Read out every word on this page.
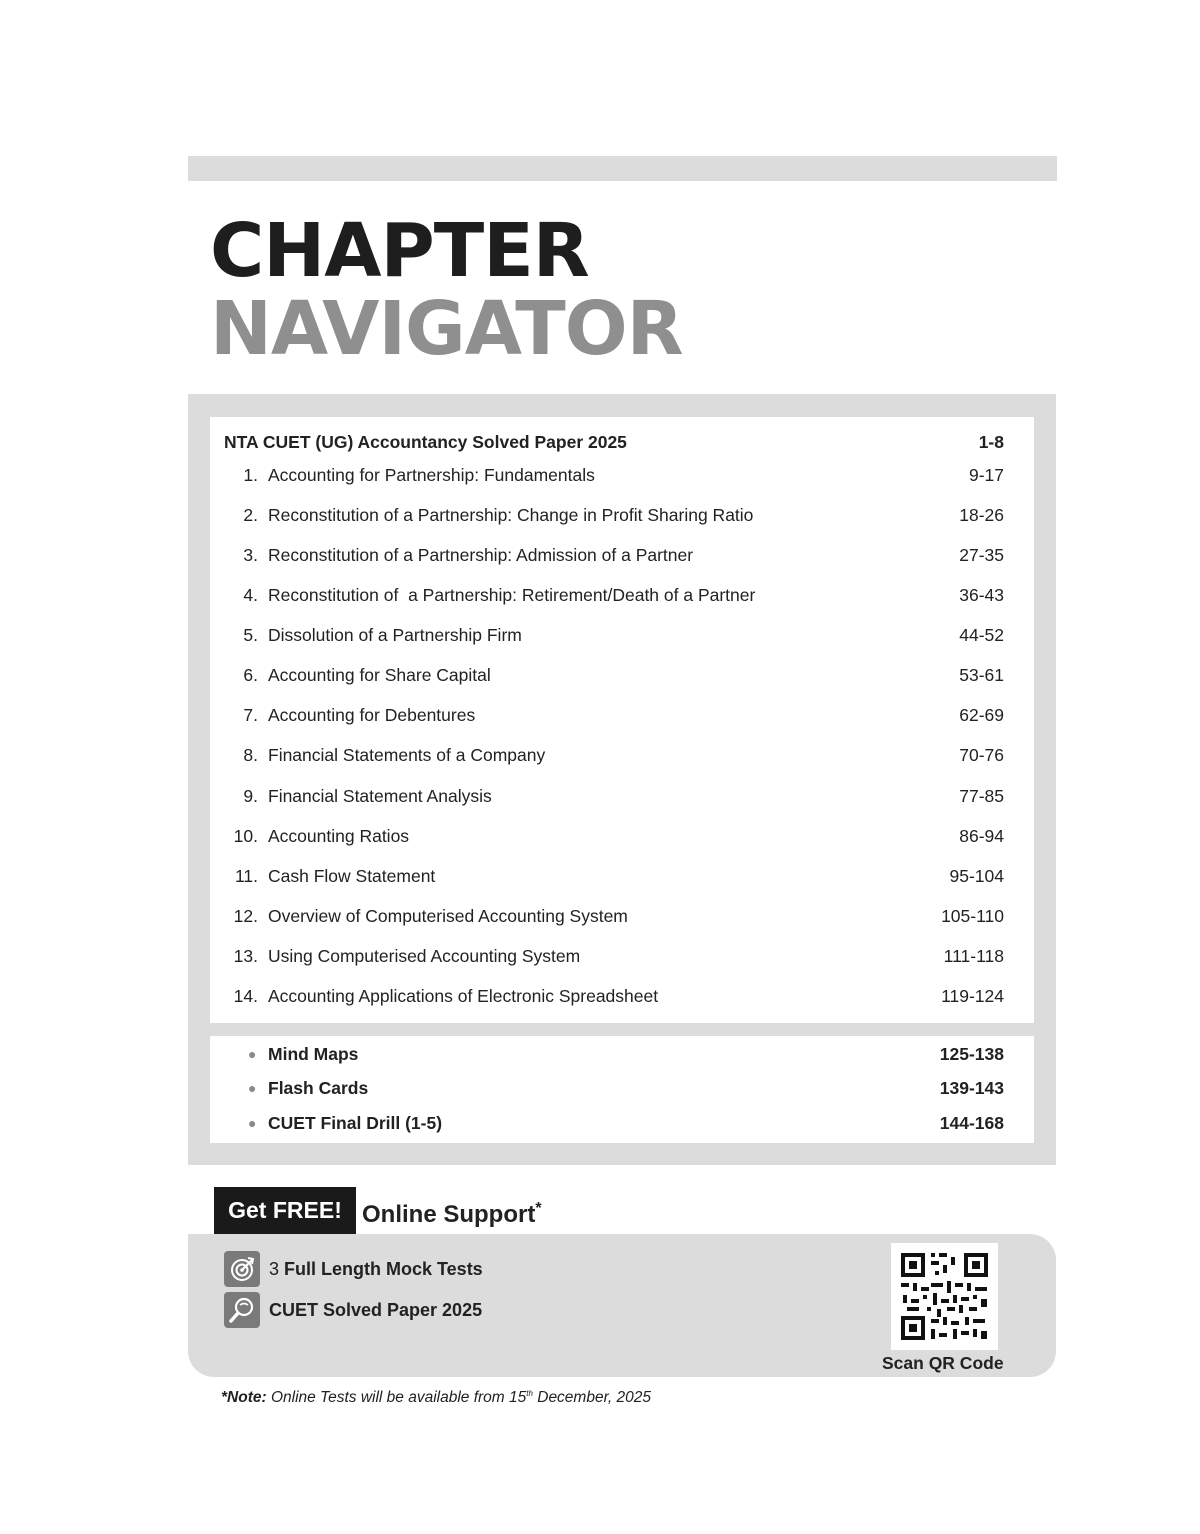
CHAPTER
NAVIGATOR
NTA CUET (UG) Accountancy Solved Paper 2025	1-8
1. Accounting for Partnership: Fundamentals	9-17
2. Reconstitution of a Partnership: Change in Profit Sharing Ratio	18-26
3. Reconstitution of a Partnership: Admission of a Partner	27-35
4. Reconstitution of  a Partnership: Retirement/Death of a Partner	36-43
5. Dissolution of a Partnership Firm	44-52
6. Accounting for Share Capital	53-61
7. Accounting for Debentures	62-69
8. Financial Statements of a Company	70-76
9. Financial Statement Analysis	77-85
10. Accounting Ratios	86-94
11. Cash Flow Statement	95-104
12. Overview of Computerised Accounting System	105-110
13. Using Computerised Accounting System	111-118
14. Accounting Applications of Electronic Spreadsheet	119-124
● Mind Maps	125-138
● Flash Cards	139-143
● CUET Final Drill (1-5)	144-168
Get FREE! Online Support*
3 Full Length Mock Tests
CUET Solved Paper 2025
Scan QR Code
*Note: Online Tests will be available from 15th December, 2025
